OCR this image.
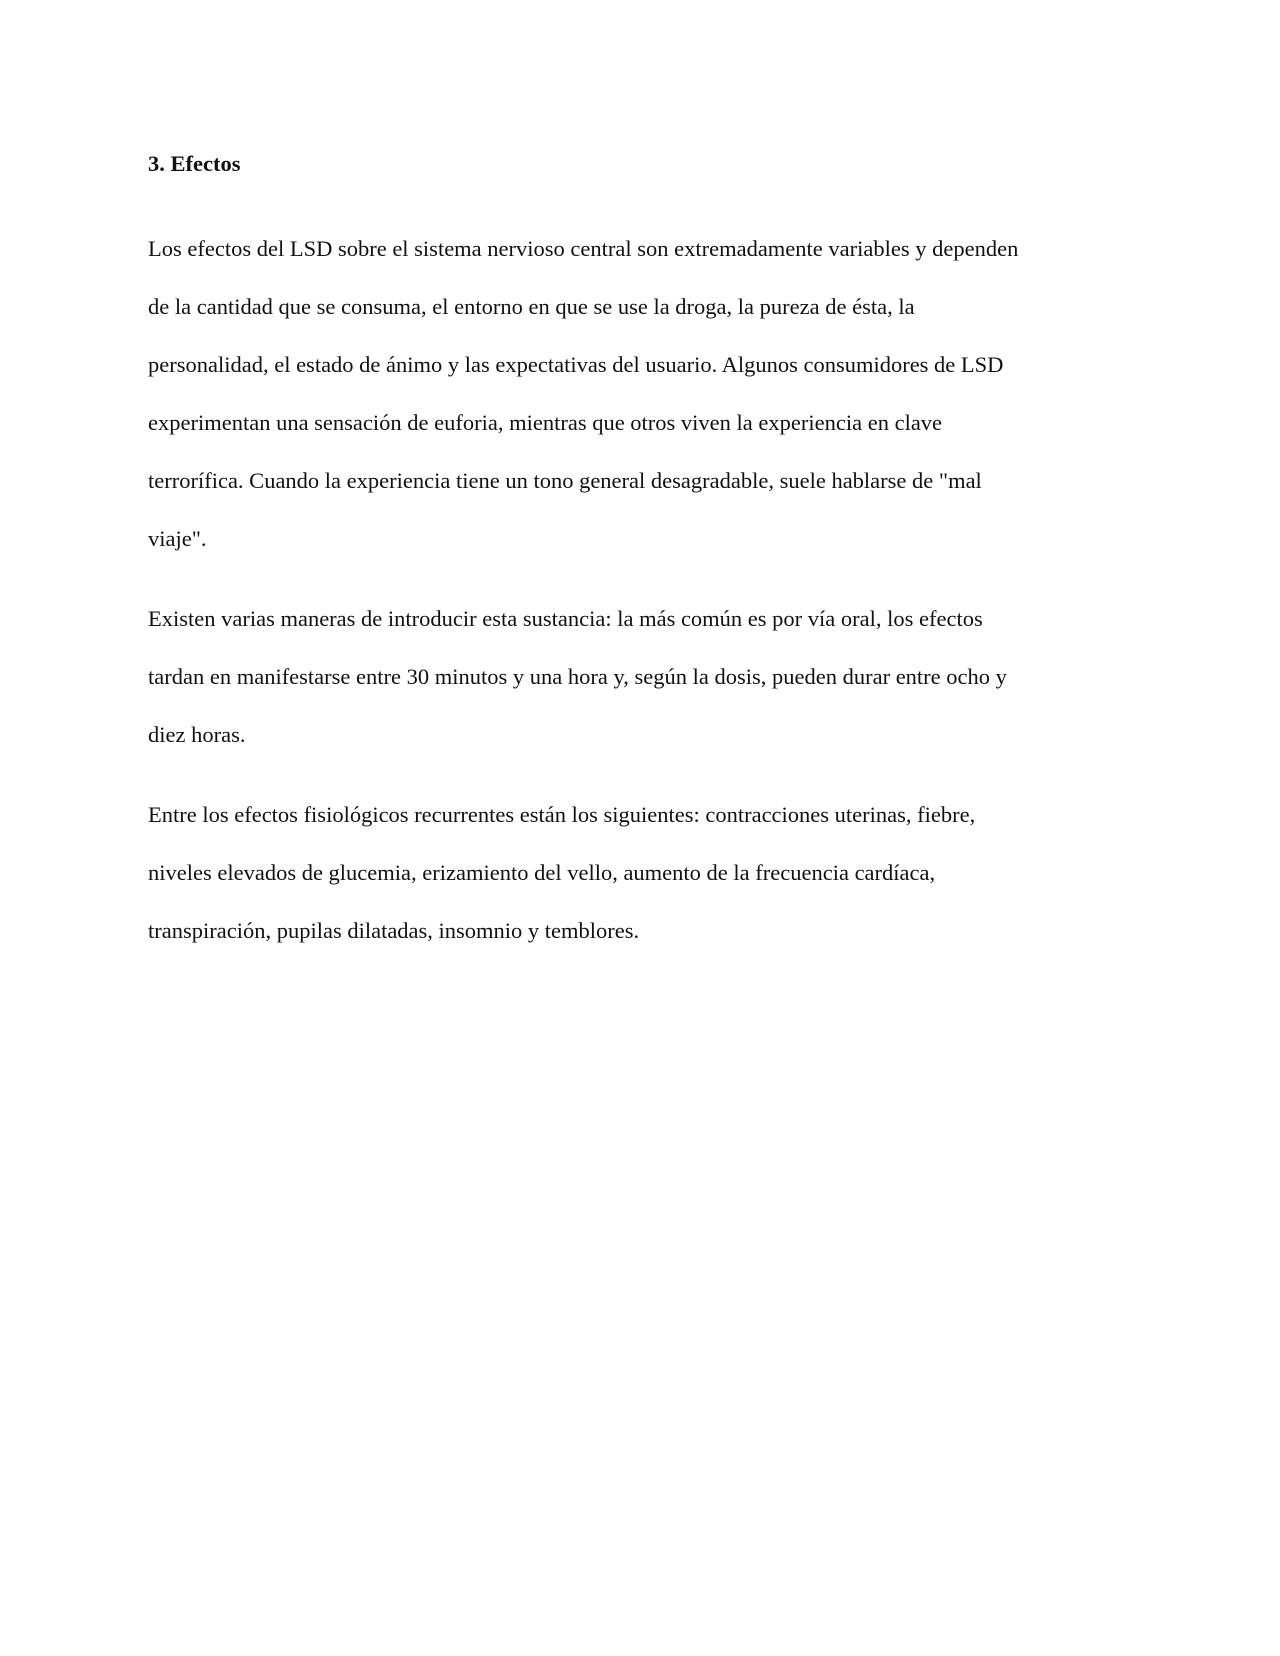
3. Efectos

Los efectos del LSD sobre el sistema nervioso central son extremadamente variables y dependen
de la cantidad que se consuma, el entorno en que se use la droga, la pureza de ésta, la
personalidad, el estado de ánimo y las expectativas del usuario. Algunos consumidores de LSD
experimentan una sensación de euforia, mientras que otros viven la experiencia en clave
terrorífica. Cuando la experiencia tiene un tono general desagradable, suele hablarse de "mal
viaje".

Existen varias maneras de introducir esta sustancia: la más común es por vía oral, los efectos
tardan en manifestarse entre 30 minutos y una hora y, según la dosis, pueden durar entre ocho y
diez horas.

Entre los efectos fisiológicos recurrentes están los siguientes: contracciones uterinas, fiebre,
niveles elevados de glucemia, erizamiento del vello, aumento de la frecuencia cardíaca,
transpiración, pupilas dilatadas, insomnio y temblores.
